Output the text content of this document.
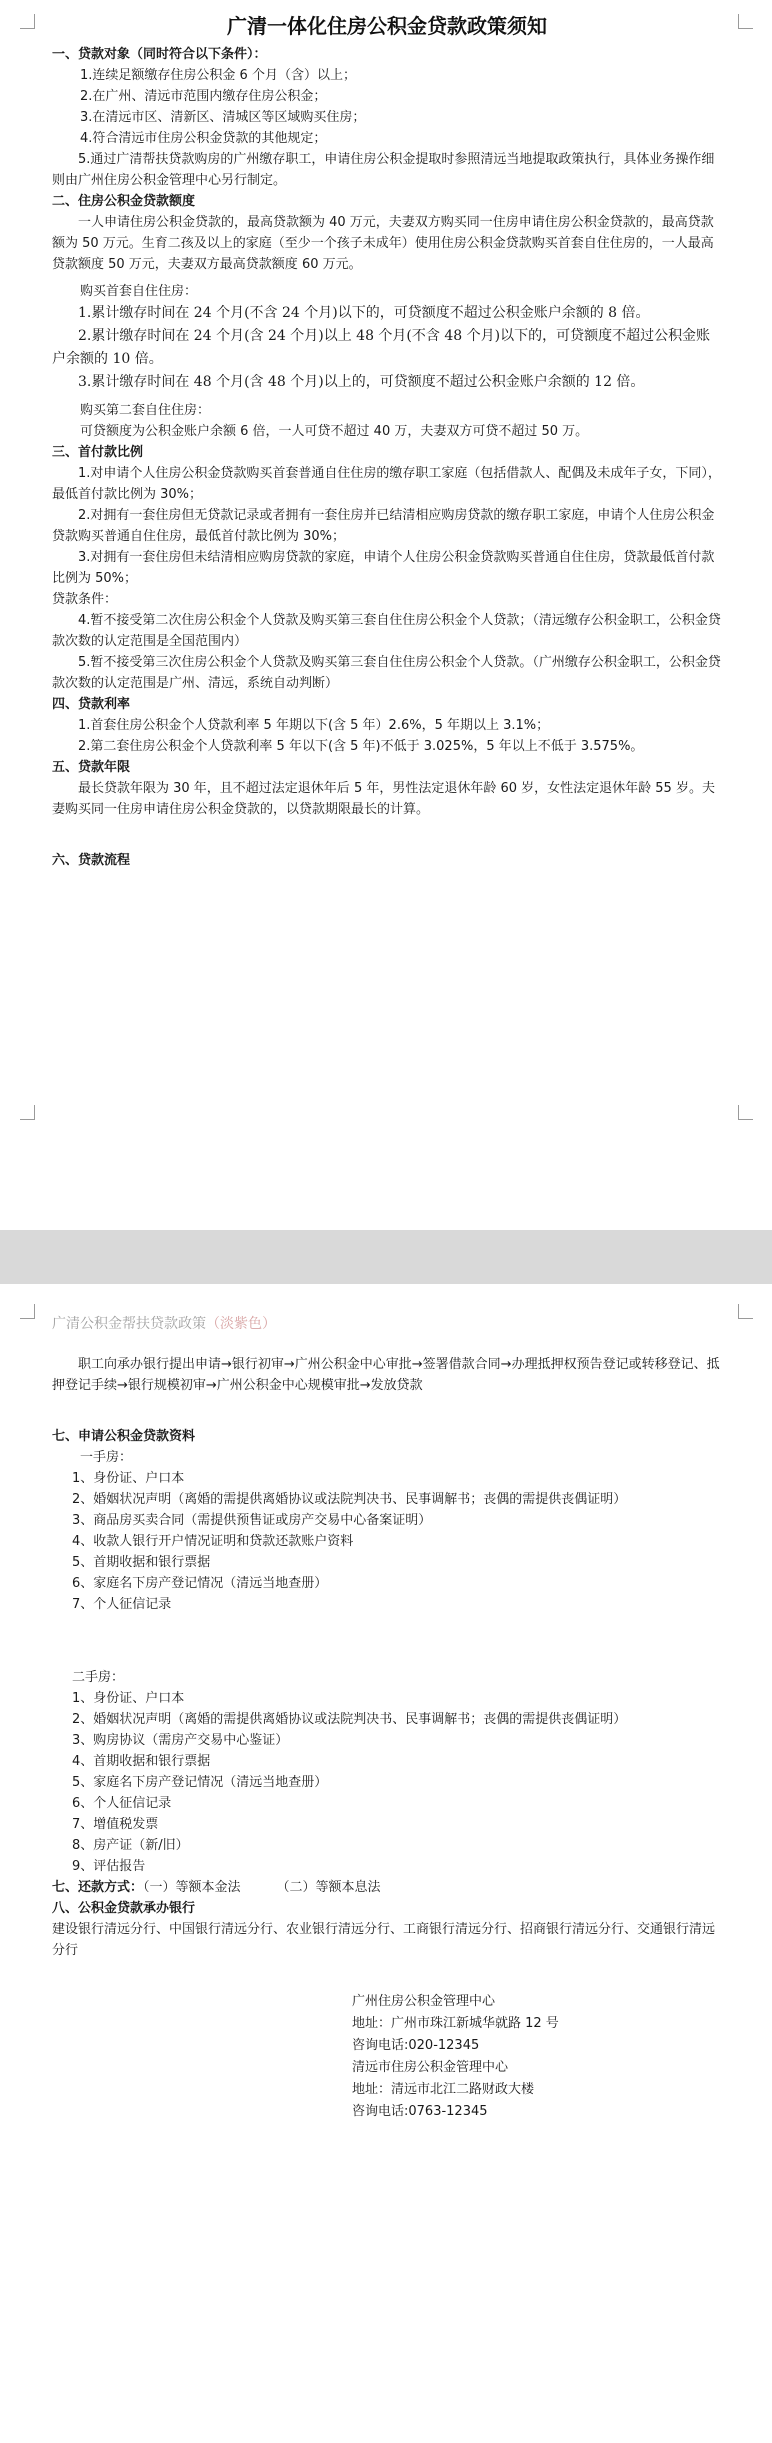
广清一体化住房公积金贷款政策须知
一、贷款对象（同时符合以下条件）：
1.连续足额缴存住房公积金 6 个月（含）以上；
2.在广州、清远市范围内缴存住房公积金；
3.在清远市区、清新区、清城区等区域购买住房；
4.符合清远市住房公积金贷款的其他规定；
5.通过广清帮扶贷款购房的广州缴存职工，申请住房公积金提取时参照清远当地提取政策执行，具体业务操作细则由广州住房公积金管理中心另行制定。
二、住房公积金贷款额度
一人申请住房公积金贷款的，最高贷款额为 40 万元，夫妻双方购买同一住房申请住房公积金贷款的，最高贷款额为 50 万元。生育二孩及以上的家庭（至少一个孩子未成年）使用住房公积金贷款购买首套自住住房的，一人最高贷款额度 50 万元，夫妻双方最高贷款额度 60 万元。
购买首套自住住房：
1.累计缴存时间在 24 个月(不含 24 个月)以下的，可贷额度不超过公积金账户余额的 8 倍。
2.累计缴存时间在 24 个月(含 24 个月)以上 48 个月(不含 48 个月)以下的，可贷额度不超过公积金账户余额的 10 倍。
3.累计缴存时间在 48 个月(含 48 个月)以上的，可贷额度不超过公积金账户余额的 12 倍。
购买第二套自住住房：
可贷额度为公积金账户余额 6 倍，一人可贷不超过 40 万，夫妻双方可贷不超过 50 万。
三、首付款比例
1.对申请个人住房公积金贷款购买首套普通自住住房的缴存职工家庭（包括借款人、配偶及未成年子女，下同），最低首付款比例为 30%；
2.对拥有一套住房但无贷款记录或者拥有一套住房并已结清相应购房贷款的缴存职工家庭，申请个人住房公积金贷款购买普通自住住房，最低首付款比例为 30%；
3.对拥有一套住房但未结清相应购房贷款的家庭，申请个人住房公积金贷款购买普通自住住房，贷款最低首付款比例为 50%；
贷款条件：
4.暂不接受第二次住房公积金个人贷款及购买第三套自住住房公积金个人贷款；（清远缴存公积金职工，公积金贷款次数的认定范围是全国范围内）
5.暂不接受第三次住房公积金个人贷款及购买第三套自住住房公积金个人贷款。（广州缴存公积金职工，公积金贷款次数的认定范围是广州、清远，系统自动判断）
四、贷款利率
1.首套住房公积金个人贷款利率 5 年期以下(含 5 年）2.6%，5 年期以上 3.1%；
2.第二套住房公积金个人贷款利率 5 年以下(含 5 年)不低于 3.025%，5 年以上不低于 3.575%。
五、贷款年限
最长贷款年限为 30 年，且不超过法定退休年后 5 年，男性法定退休年龄 60 岁，女性法定退休年龄 55 岁。夫妻购买同一住房申请住房公积金贷款的，以贷款期限最长的计算。
六、贷款流程
广清公积金帮扶贷款政策（淡紫色）
职工向承办银行提出申请→银行初审→广州公积金中心审批→签署借款合同→办理抵押权预告登记或转移登记、抵押登记手续→银行规模初审→广州公积金中心规模审批→发放贷款
七、申请公积金贷款资料
一手房：
1、身份证、户口本
2、婚姻状况声明（离婚的需提供离婚协议或法院判决书、民事调解书；丧偶的需提供丧偶证明）
3、商品房买卖合同（需提供预售证或房产交易中心备案证明）
4、收款人银行开户情况证明和贷款还款账户资料
5、首期收据和银行票据
6、家庭名下房产登记情况（清远当地查册）
7、个人征信记录
二手房：
1、身份证、户口本
2、婚姻状况声明（离婚的需提供离婚协议或法院判决书、民事调解书；丧偶的需提供丧偶证明）
3、购房协议（需房产交易中心鉴证）
4、首期收据和银行票据
5、家庭名下房产登记情况（清远当地查册）
6、个人征信记录
7、增值税发票
8、房产证（新/旧）
9、评估报告
七、还款方式：（一）等额本金法	（二）等额本息法
八、公积金贷款承办银行
建设银行清远分行、中国银行清远分行、农业银行清远分行、工商银行清远分行、招商银行清远分行、交通银行清远分行
广州住房公积金管理中心
地址：广州市珠江新城华就路 12 号
咨询电话:020-12345
清远市住房公积金管理中心
地址：清远市北江二路财政大楼
咨询电话:0763-12345
